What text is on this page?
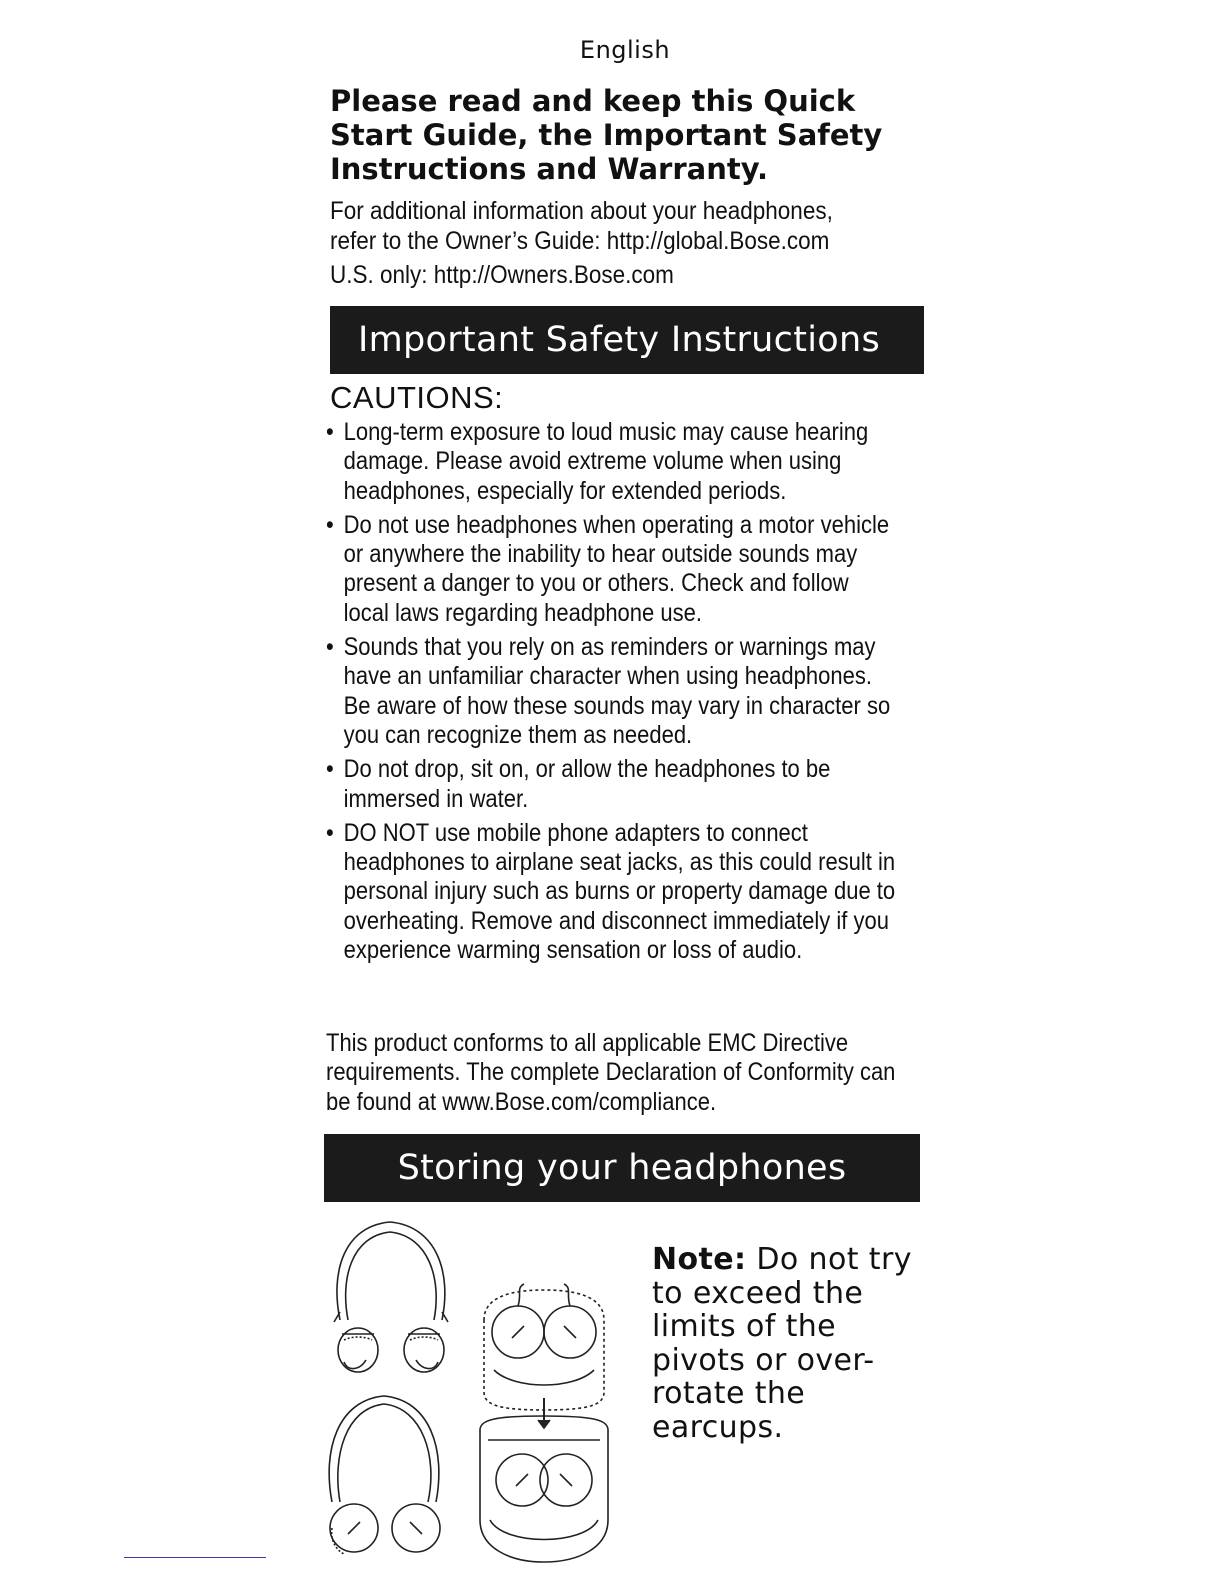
English
Please read and keep this Quick
Start Guide, the Important Safety
Instructions and Warranty.
For additional information about your headphones,
refer to the Owner’s Guide: http://global.Bose.com
U.S. only: http://Owners.Bose.com
Important Safety Instructions
CAUTIONS:
• Long-term exposure to loud music may cause hearing damage. Please avoid extreme volume when using headphones, especially for extended periods.
• Do not use headphones when operating a motor vehicle or anywhere the inability to hear outside sounds may present a danger to you or others. Check and follow local laws regarding headphone use.
• Sounds that you rely on as reminders or warnings may have an unfamiliar character when using headphones. Be aware of how these sounds may vary in character so you can recognize them as needed.
• Do not drop, sit on, or allow the headphones to be immersed in water.
• DO NOT use mobile phone adapters to connect headphones to airplane seat jacks, as this could result in personal injury such as burns or property damage due to overheating. Remove and disconnect immediately if you experience warming sensation or loss of audio.
This product conforms to all applicable EMC Directive requirements. The complete Declaration of Conformity can be found at www.Bose.com/compliance.
Storing your headphones
Note: Do not try to exceed the limits of the pivots or over-rotate the earcups.
